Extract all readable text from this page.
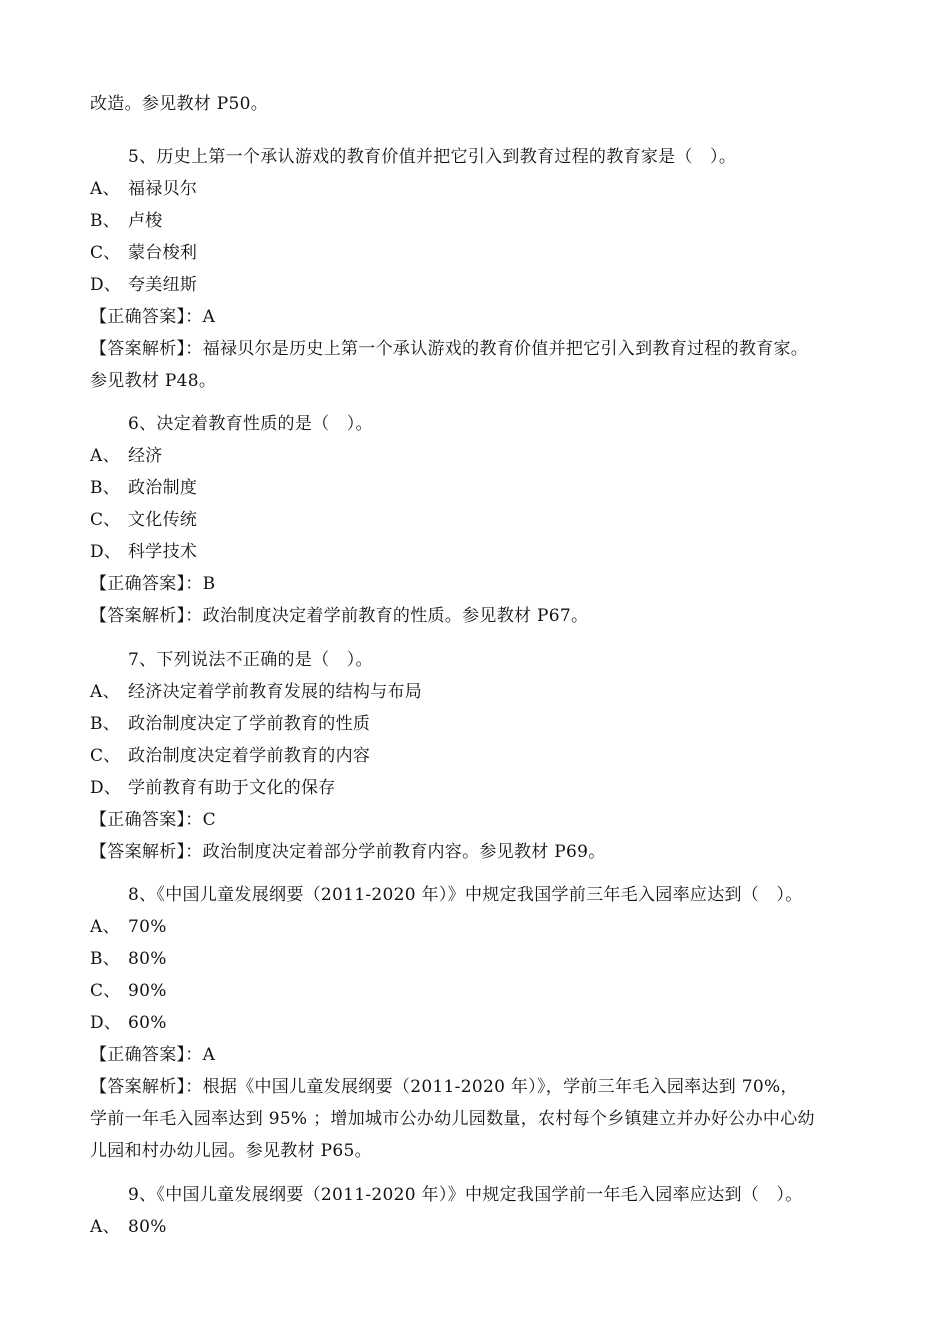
改造。参见教材 P50。
5、历史上第一个承认游戏的教育价值并把它引入到教育过程的教育家是（　）。
A、 福禄贝尔
B、 卢梭
C、 蒙台梭利
D、 夸美纽斯
【正确答案】：A
【答案解析】：福禄贝尔是历史上第一个承认游戏的教育价值并把它引入到教育过程的教育家。
参见教材 P48。
6、决定着教育性质的是（　）。
A、 经济
B、 政治制度
C、 文化传统
D、 科学技术
【正确答案】：B
【答案解析】：政治制度决定着学前教育的性质。参见教材 P67。
7、下列说法不正确的是（　）。
A、 经济决定着学前教育发展的结构与布局
B、 政治制度决定了学前教育的性质
C、 政治制度决定着学前教育的内容
D、 学前教育有助于文化的保存
【正确答案】：C
【答案解析】：政治制度决定着部分学前教育内容。参见教材 P69。
8、《中国儿童发展纲要（2011-2020 年）》中规定我国学前三年毛入园率应达到（　）。
A、 70%
B、 80%
C、 90%
D、 60%
【正确答案】：A
【答案解析】：根据《中国儿童发展纲要（2011-2020 年）》，学前三年毛入园率达到 70%，
学前一年毛入园率达到 95% ；增加城市公办幼儿园数量，农村每个乡镇建立并办好公办中心幼
儿园和村办幼儿园。参见教材 P65。
9、《中国儿童发展纲要（2011-2020 年）》中规定我国学前一年毛入园率应达到（　）。
A、 80%
